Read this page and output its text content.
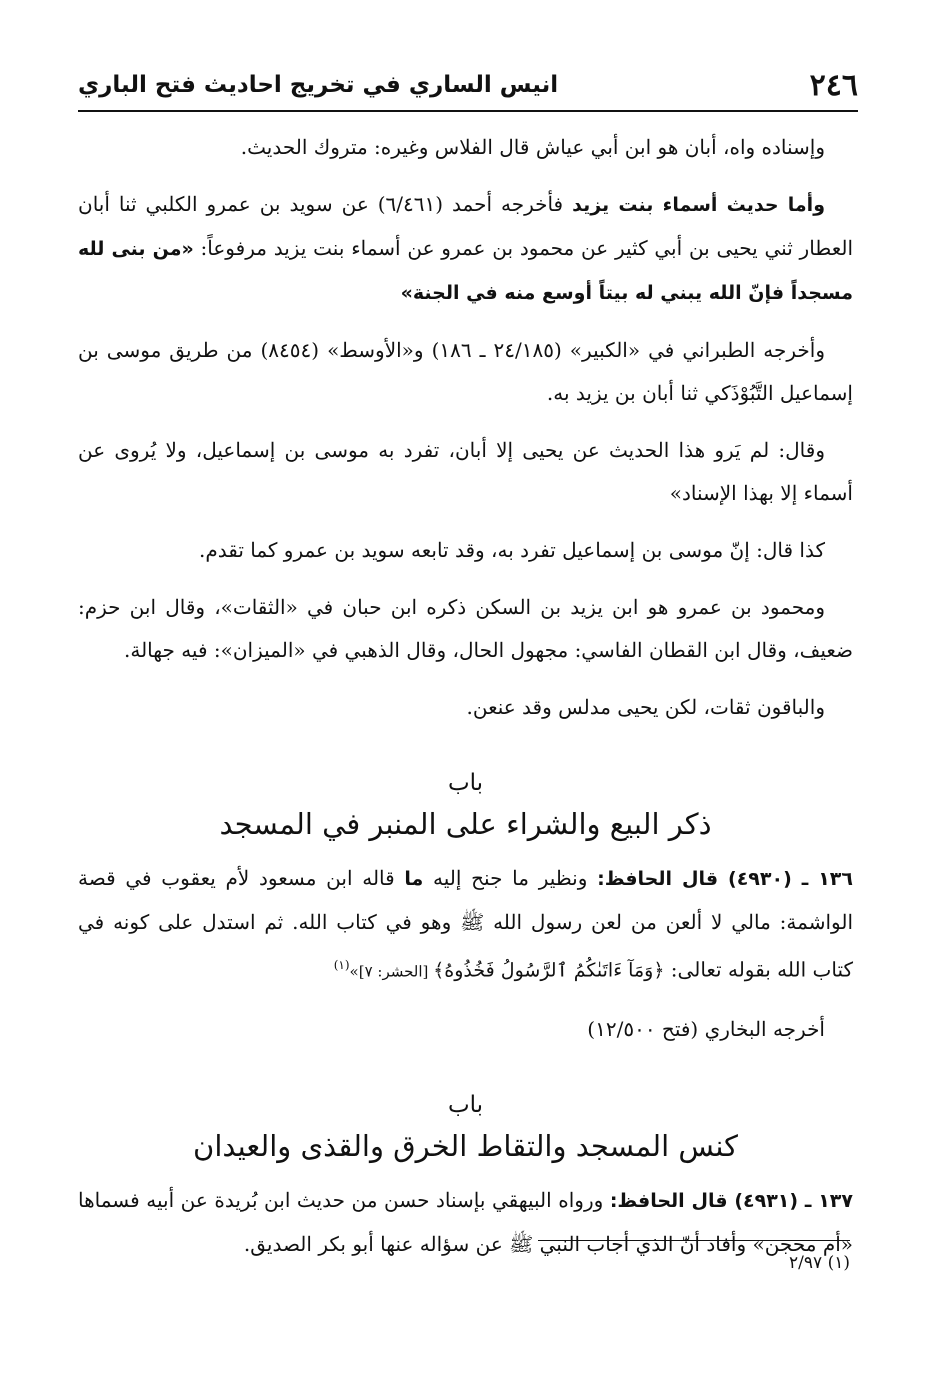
٢٤٦
انيس الساري في تخريج احاديث فتح الباري

وإسناده واه، أبان هو ابن أبي عياش قال الفلاس وغيره: متروك الحديث.

وأما حديث أسماء بنت يزيد فأخرجه أحمد (٦/٤٦١) عن سويد بن عمرو الكلبي ثنا أبان العطار ثني يحيى بن أبي كثير عن محمود بن عمرو عن أسماء بنت يزيد مرفوعاً: «من بنى لله مسجداً فإنّ الله يبني له بيتاً أوسع منه في الجنة»

وأخرجه الطبراني في «الكبير» (٢٤/١٨٥ ـ ١٨٦) و«الأوسط» (٨٤٥٤) من طريق موسى بن إسماعيل التَّبُوْذَكي ثنا أبان بن يزيد به.

وقال: لم يَرو هذا الحديث عن يحيى إلا أبان، تفرد به موسى بن إسماعيل، ولا يُروى عن أسماء إلا بهذا الإسناد»

كذا قال: إنّ موسى بن إسماعيل تفرد به، وقد تابعه سويد بن عمرو كما تقدم.

ومحمود بن عمرو هو ابن يزيد بن السكن ذكره ابن حبان في «الثقات»، وقال ابن حزم: ضعيف، وقال ابن القطان الفاسي: مجهول الحال، وقال الذهبي في «الميزان»: فيه جهالة.

والباقون ثقات، لكن يحيى مدلس وقد عنعن.

باب
ذكر البيع والشراء على المنبر في المسجد

١٣٦ ـ (٤٩٣٠) قال الحافظ: ونظير ما جنح إليه ما قاله ابن مسعود لأم يعقوب في قصة الواشمة: مالي لا ألعن من لعن رسول الله ﷺ وهو في كتاب الله. ثم استدل على كونه في كتاب الله بقوله تعالى: ﴿وَمَآ ءَاتَىٰكُمُ ٱلرَّسُولُ فَخُذُوهُ﴾ [الحشر: ٧]»$^{(١)}$

أخرجه البخاري (فتح ١٢/٥٠٠)

باب
كنس المسجد والتقاط الخرق والقذى والعيدان

١٣٧ ـ (٤٩٣١) قال الحافظ: ورواه البيهقي بإسناد حسن من حديث ابن بُريدة عن أبيه فسماها «أم محجن» وأفاد أنّ الذي أجاب النبي ﷺ عن سؤاله عنها أبو بكر الصديق.

(١) ٢/٩٧
